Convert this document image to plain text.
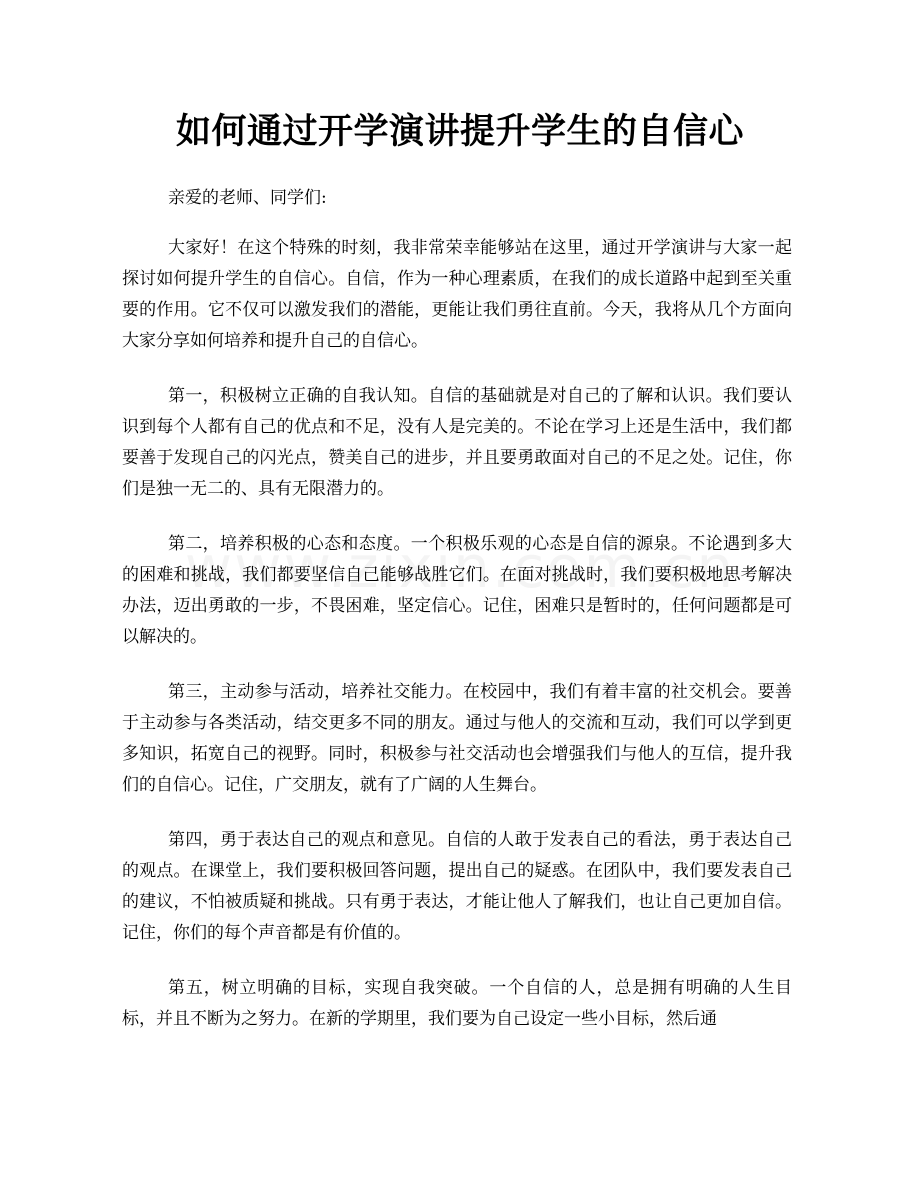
如何通过开学演讲提升学生的自信心

亲爱的老师、同学们:

大家好！在这个特殊的时刻，我非常荣幸能够站在这里，通过开学演讲与大家一起探讨如何提升学生的自信心。自信，作为一种心理素质，在我们的成长道路中起到至关重要的作用。它不仅可以激发我们的潜能，更能让我们勇往直前。今天，我将从几个方面向大家分享如何培养和提升自己的自信心。

第一，积极树立正确的自我认知。自信的基础就是对自己的了解和认识。我们要认识到每个人都有自己的优点和不足，没有人是完美的。不论在学习上还是生活中，我们都要善于发现自己的闪光点，赞美自己的进步，并且要勇敢面对自己的不足之处。记住，你们是独一无二的、具有无限潜力的。

第二，培养积极的心态和态度。一个积极乐观的心态是自信的源泉。不论遇到多大的困难和挑战，我们都要坚信自己能够战胜它们。在面对挑战时，我们要积极地思考解决办法，迈出勇敢的一步，不畏困难，坚定信心。记住，困难只是暂时的，任何问题都是可以解决的。

第三，主动参与活动，培养社交能力。在校园中，我们有着丰富的社交机会。要善于主动参与各类活动，结交更多不同的朋友。通过与他人的交流和互动，我们可以学到更多知识，拓宽自己的视野。同时，积极参与社交活动也会增强我们与他人的互信，提升我们的自信心。记住，广交朋友，就有了广阔的人生舞台。

第四，勇于表达自己的观点和意见。自信的人敢于发表自己的看法，勇于表达自己的观点。在课堂上，我们要积极回答问题，提出自己的疑惑。在团队中，我们要发表自己的建议，不怕被质疑和挑战。只有勇于表达，才能让他人了解我们，也让自己更加自信。记住，你们的每个声音都是有价值的。

第五，树立明确的目标，实现自我突破。一个自信的人，总是拥有明确的人生目标，并且不断为之努力。在新的学期里，我们要为自己设定一些小目标，然后通
